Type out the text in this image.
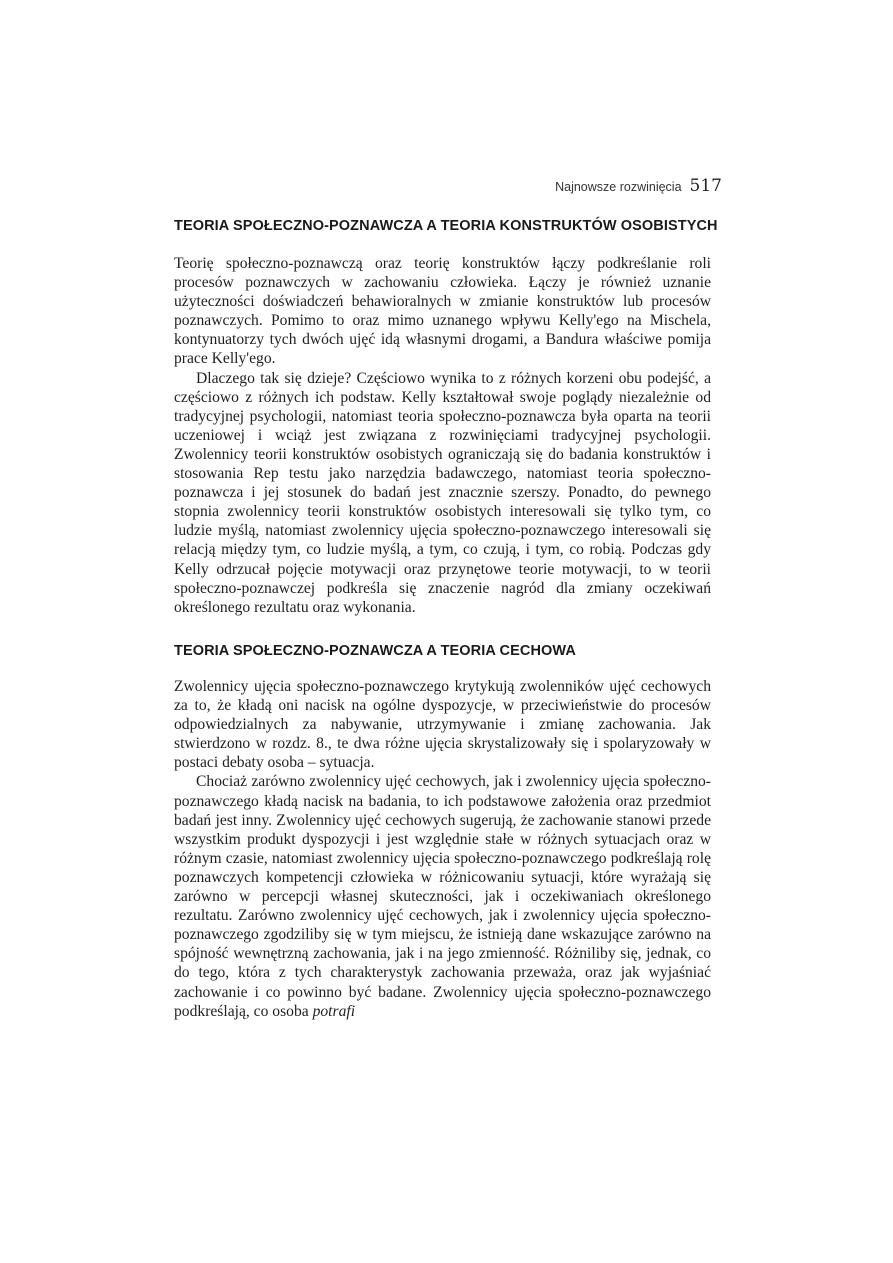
Najnowsze rozwinięcia 517
TEORIA SPOŁECZNO-POZNAWCZA A TEORIA KONSTRUKTÓW OSOBISTYCH

Teorię społeczno-poznawczą oraz teorię konstruktów łączy podkreślanie roli procesów poznawczych w zachowaniu człowieka. Łączy je również uznanie użyteczności doświadczeń behawioralnych w zmianie konstruktów lub procesów poznawczych. Pomimo to oraz mimo uznanego wpływu Kelly'ego na Mischela, kontynuatorzy tych dwóch ujęć idą własnymi drogami, a Bandura właściwe pomija prace Kelly'ego.

Dlaczego tak się dzieje? Częściowo wynika to z różnych korzeni obu podejść, a częściowo z różnych ich podstaw. Kelly kształtował swoje poglądy niezależnie od tradycyjnej psychologii, natomiast teoria społeczno-poznawcza była oparta na teorii uczeniowej i wciąż jest związana z rozwinięciami tradycyjnej psychologii. Zwolennicy teorii konstruktów osobistych ograniczają się do badania konstruktów i stosowania Rep testu jako narzędzia badawczego, natomiast teoria społeczno-poznawcza i jej stosunek do badań jest znacznie szerszy. Ponadto, do pewnego stopnia zwolennicy teorii konstruktów osobistych interesowali się tylko tym, co ludzie myślą, natomiast zwolennicy ujęcia społeczno-poznawczego interesowali się relacją między tym, co ludzie myślą, a tym, co czują, i tym, co robią. Podczas gdy Kelly odrzucał pojęcie motywacji oraz przynętowe teorie motywacji, to w teorii społeczno-poznawczej podkreśla się znaczenie nagród dla zmiany oczekiwań określonego rezultatu oraz wykonania.

TEORIA SPOŁECZNO-POZNAWCZA A TEORIA CECHOWA

Zwolennicy ujęcia społeczno-poznawczego krytykują zwolenników ujęć cechowych za to, że kładą oni nacisk na ogólne dyspozycje, w przeciwieństwie do procesów odpowiedzialnych za nabywanie, utrzymywanie i zmianę zachowania. Jak stwierdzono w rozdz. 8., te dwa różne ujęcia skrystalizowały się i spolaryzowały w postaci debaty osoba – sytuacja.

Chociaż zarówno zwolennicy ujęć cechowych, jak i zwolennicy ujęcia społeczno-poznawczego kładą nacisk na badania, to ich podstawowe założenia oraz przedmiot badań jest inny. Zwolennicy ujęć cechowych sugerują, że zachowanie stanowi przede wszystkim produkt dyspozycji i jest względnie stałe w różnych sytuacjach oraz w różnym czasie, natomiast zwolennicy ujęcia społeczno-poznawczego podkreślają rolę poznawczych kompetencji człowieka w różnicowaniu sytuacji, które wyrażają się zarówno w percepcji własnej skuteczności, jak i oczekiwaniach określonego rezultatu. Zarówno zwolennicy ujęć cechowych, jak i zwolennicy ujęcia społeczno-poznawczego zgodziliby się w tym miejscu, że istnieją dane wskazujące zarówno na spójność wewnętrzną zachowania, jak i na jego zmienność. Różniliby się, jednak, co do tego, która z tych charakterystyk zachowania przeważa, oraz jak wyjaśniać zachowanie i co powinno być badane. Zwolennicy ujęcia społeczno-poznawczego podkreślają, co osoba potrafi
